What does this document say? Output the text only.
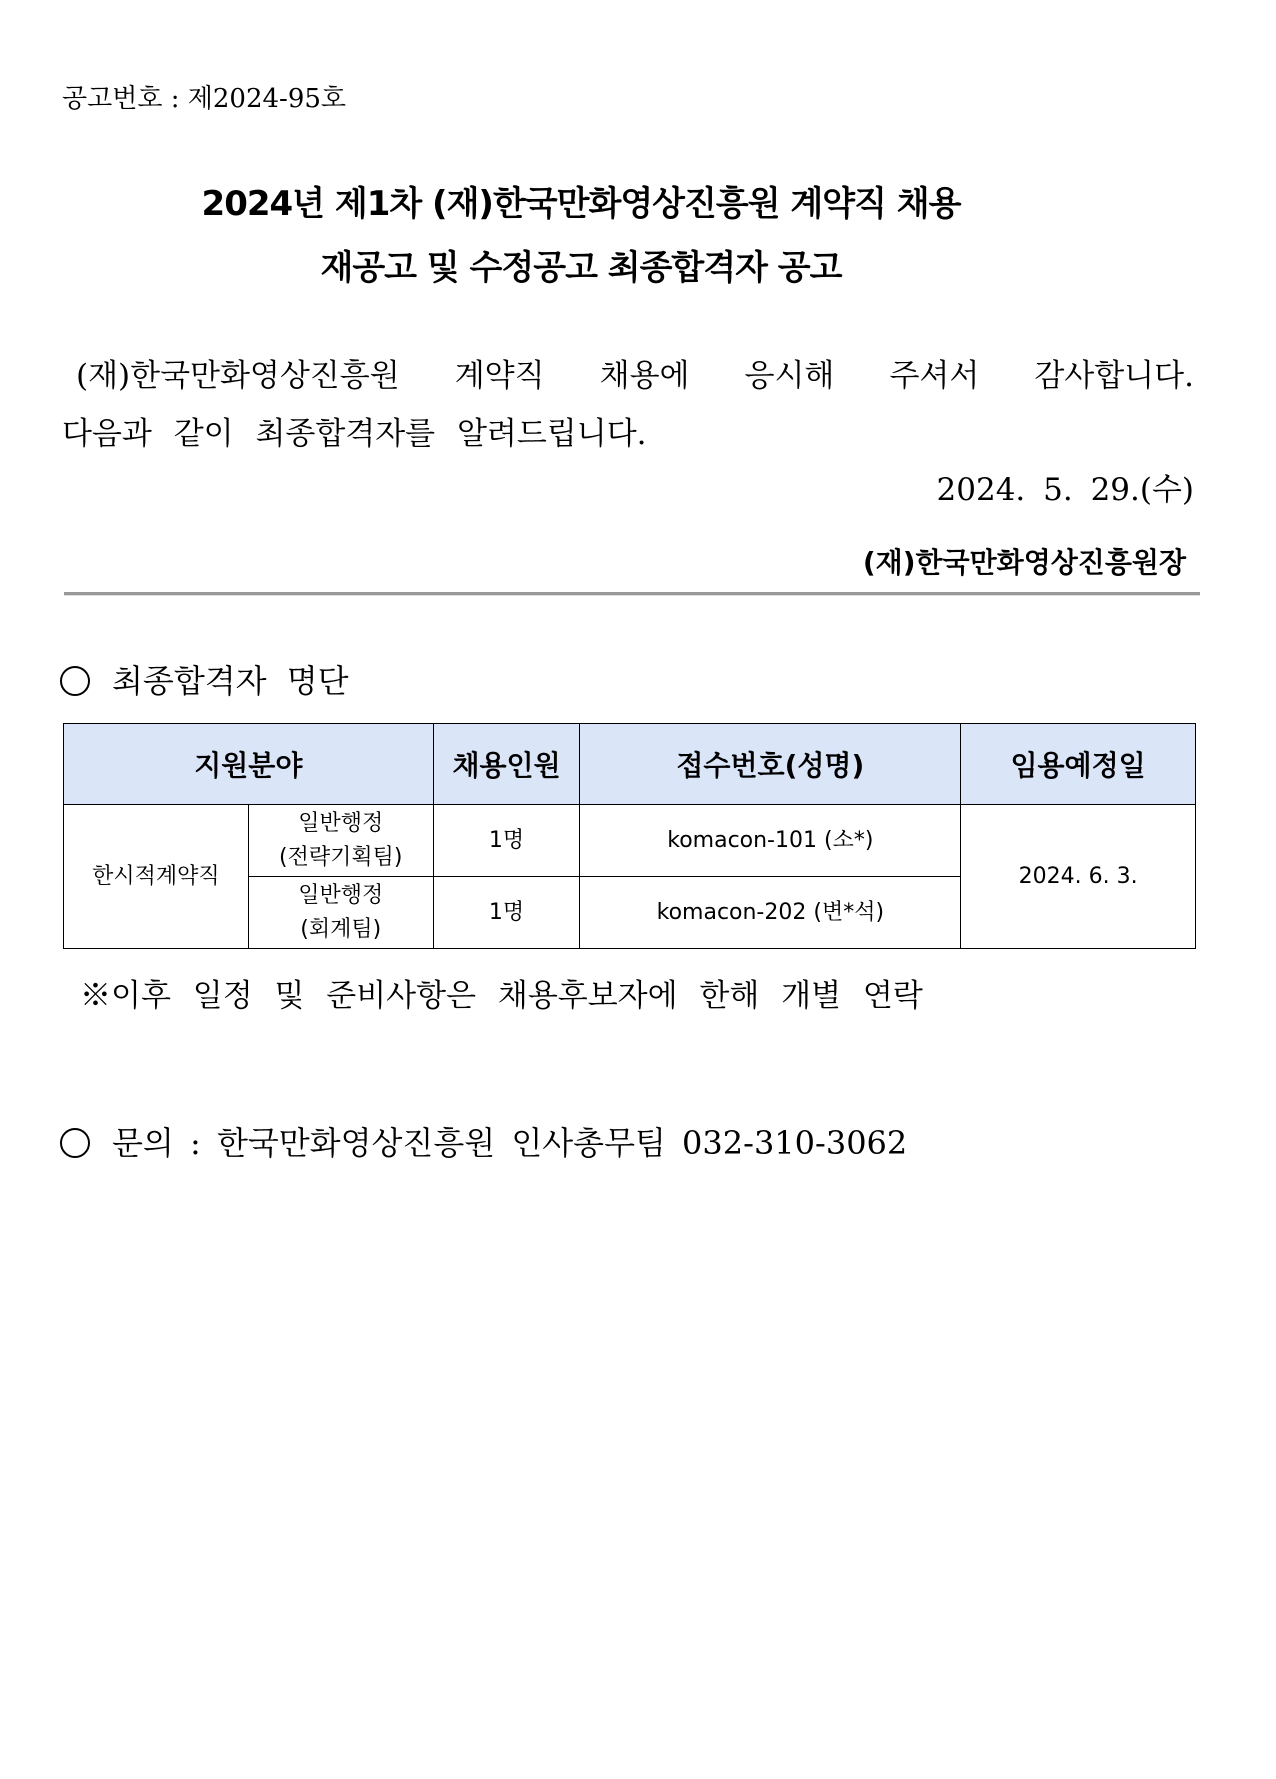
공고번호 : 제2024-95호
2024년 제1차 (재)한국만화영상진흥원 계약직 채용
재공고 및 수정공고 최종합격자 공고
(재)한국만화영상진흥원 계약직 채용에 응시해 주셔서 감사합니다.
다음과 같이 최종합격자를 알려드립니다.
2024. 5. 29.(수)
(재)한국만화영상진흥원장
최종합격자 명단
지원분야		채용인원	접수번호(성명)	임용예정일
한시적계약직	일반행정
(전략기획팀)	1명	komacon-101 (소*)	2024. 6. 3.

	일반행정
(회계팀)	1명	komacon-202 (변*석)	
※이후 일정 및 준비사항은 채용후보자에 한해 개별 연락
문의 : 한국만화영상진흥원 인사총무팀 032-310-3062
